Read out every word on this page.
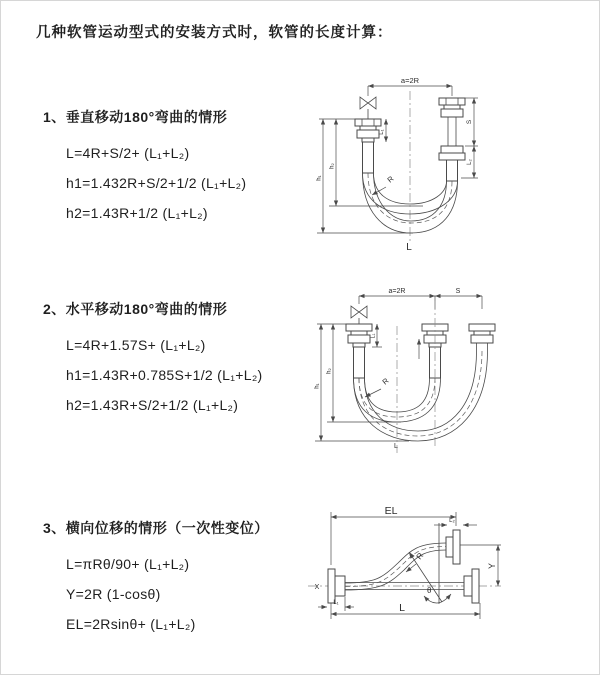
几种软管运动型式的安装方式时，软管的长度计算：
1、垂直移动180°弯曲的情形
L=4R+S/2+ (L₁+L₂)
h1=1.432R+S/2+1/2 (L₁+L₂)
h2=1.43R+1/2 (L₁+L₂)
2、水平移动180°弯曲的情形
L=4R+1.57S+ (L₁+L₂)
h1=1.43R+0.785S+1/2 (L₁+L₂)
h2=1.43R+S/2+1/2 (L₁+L₂)
3、横向位移的情形（一次性变位）
L=πRθ/90+ (L₁+L₂)
Y=2R (1-cosθ)
EL=2Rsinθ+ (L₁+L₂)
a=2R
L₁
S
L₂
h₂
h₁	R
L
a=2R	S
L₁
h₂
h₁	R
L
X
EL
L₂
Y
θ
R
L₁	L
